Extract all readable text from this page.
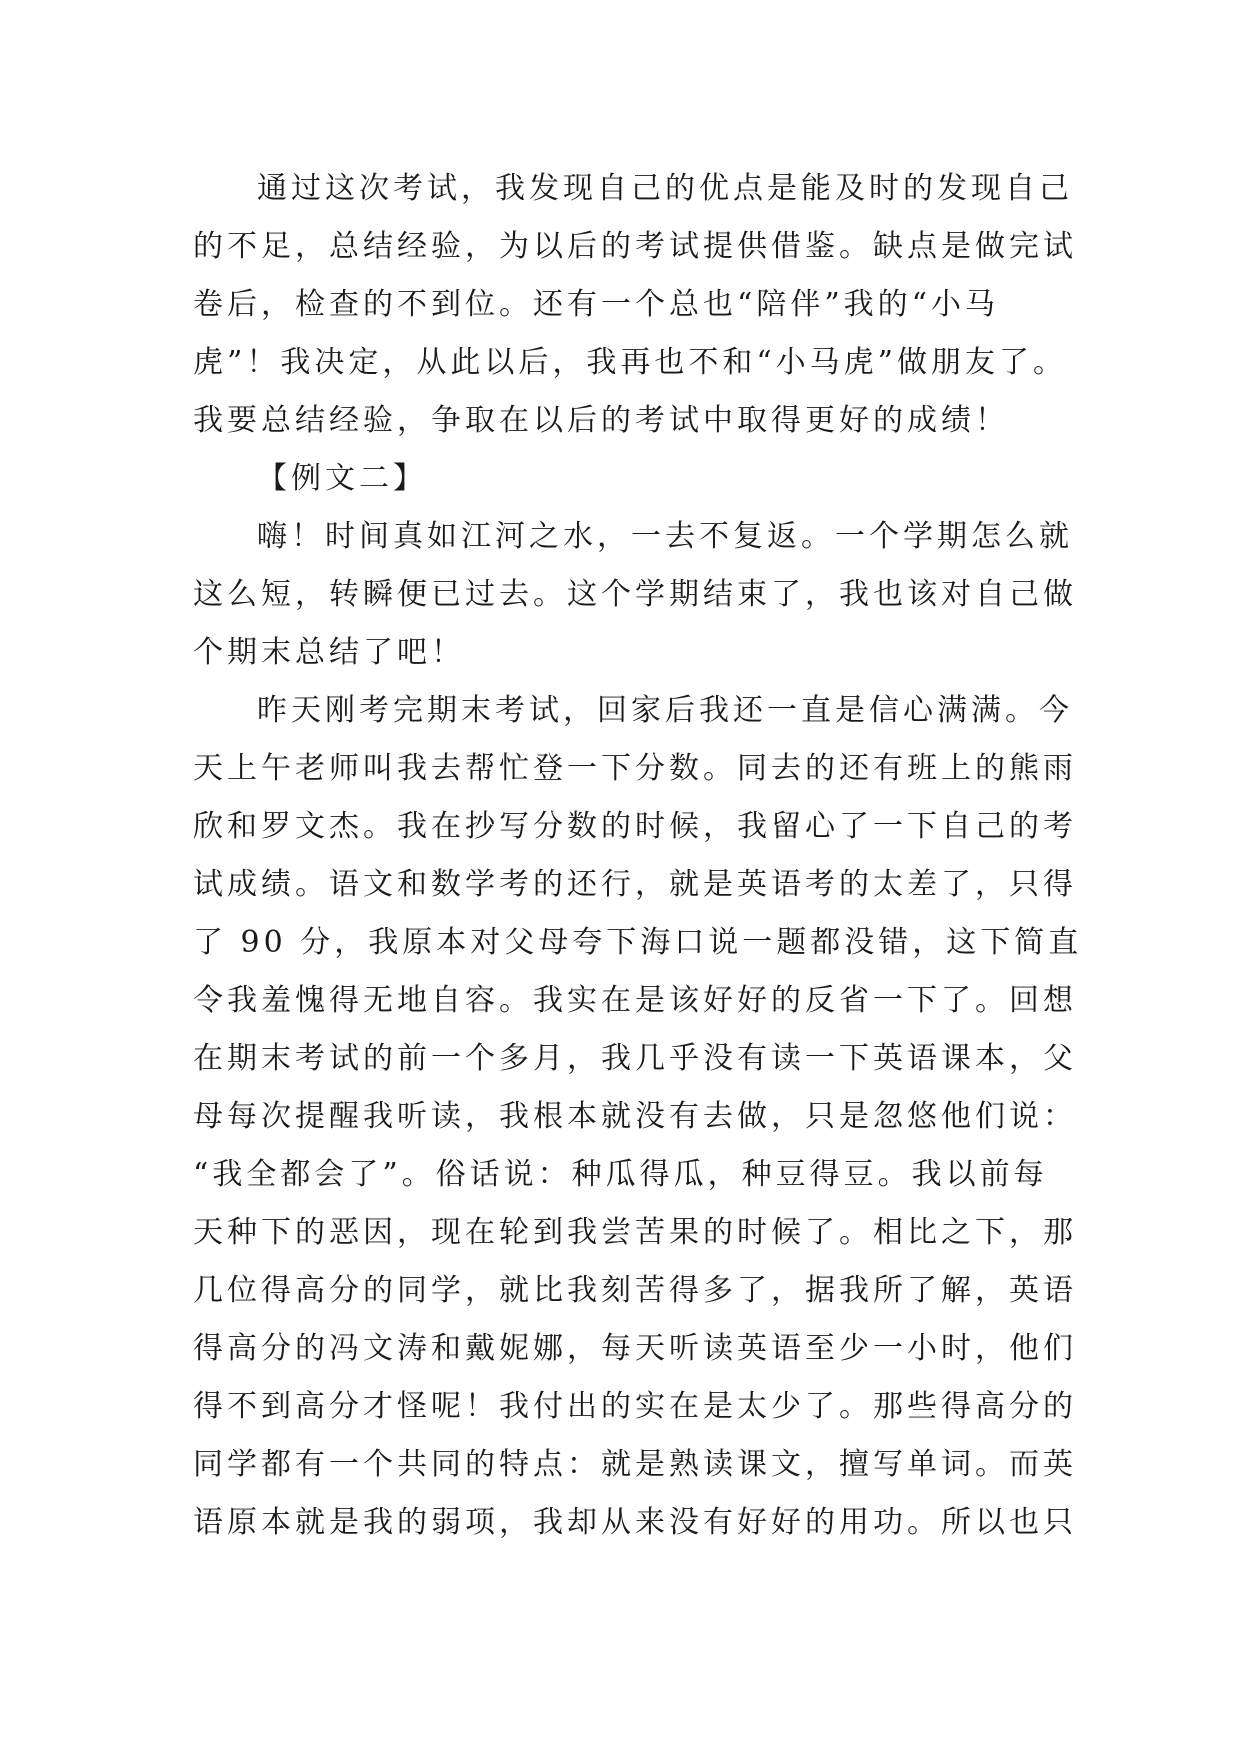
通过这次考试，我发现自己的优点是能及时的发现自己
的不足，总结经验，为以后的考试提供借鉴。缺点是做完试
卷后，检查的不到位。还有一个总也“陪伴”我的“小马
虎”！我决定，从此以后，我再也不和“小马虎”做朋友了。
我要总结经验，争取在以后的考试中取得更好的成绩！
【例文二】
嗨！时间真如江河之水，一去不复返。一个学期怎么就
这么短，转瞬便已过去。这个学期结束了，我也该对自己做
个期末总结了吧！
昨天刚考完期末考试，回家后我还一直是信心满满。今
天上午老师叫我去帮忙登一下分数。同去的还有班上的熊雨
欣和罗文杰。我在抄写分数的时候，我留心了一下自己的考
试成绩。语文和数学考的还行，就是英语考的太差了，只得
了 90 分，我原本对父母夸下海口说一题都没错，这下简直
令我羞愧得无地自容。我实在是该好好的反省一下了。回想
在期末考试的前一个多月，我几乎没有读一下英语课本，父
母每次提醒我听读，我根本就没有去做，只是忽悠他们说：
“我全都会了”。俗话说：种瓜得瓜，种豆得豆。我以前每
天种下的恶因，现在轮到我尝苦果的时候了。相比之下，那
几位得高分的同学，就比我刻苦得多了，据我所了解，英语
得高分的冯文涛和戴妮娜，每天听读英语至少一小时，他们
得不到高分才怪呢！我付出的实在是太少了。那些得高分的
同学都有一个共同的特点：就是熟读课文，擅写单词。而英
语原本就是我的弱项，我却从来没有好好的用功。所以也只
